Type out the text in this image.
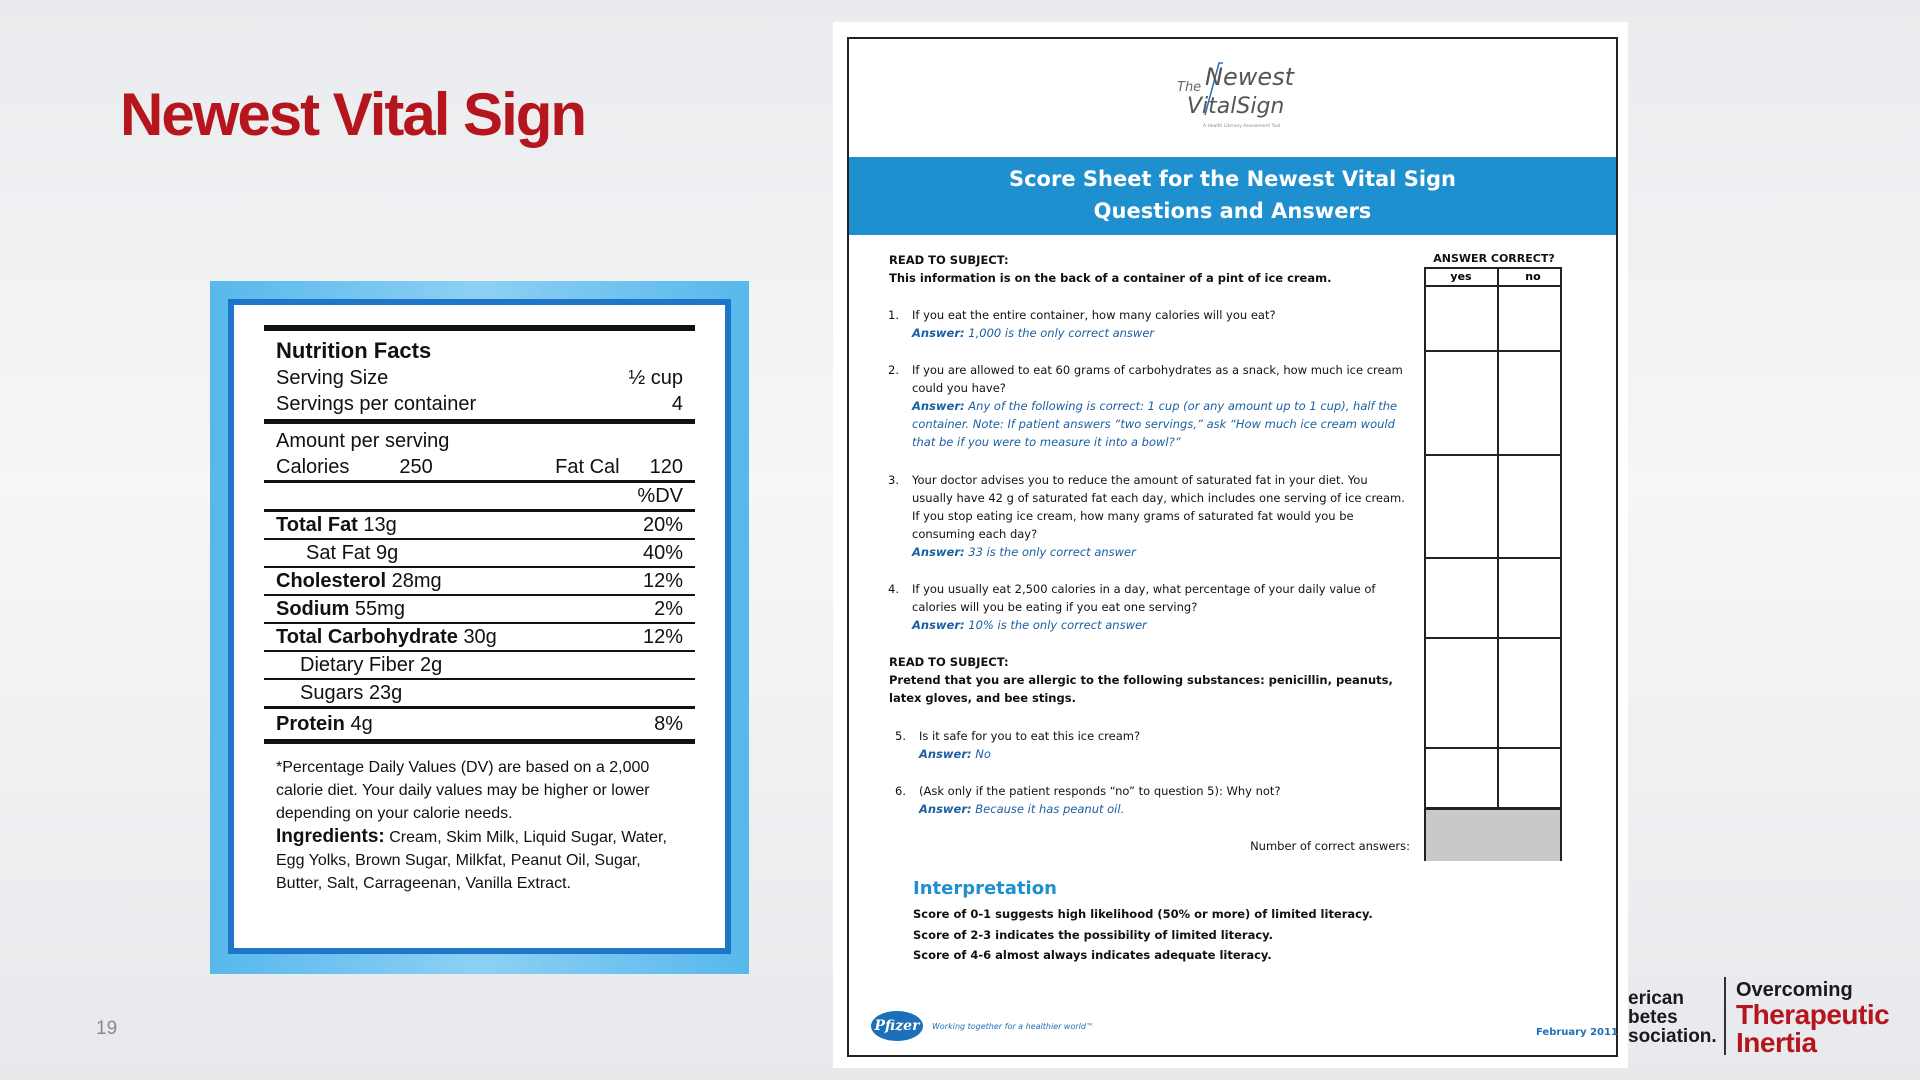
Newest Vital Sign
19
Nutrition Facts
Serving Size	½ cup
Servings per container	4
Amount per serving
Calories	250	Fat Cal 120
%DV
Total Fat 13g	20%
Sat Fat 9g	40%
Cholesterol 28mg	12%
Sodium 55mg	2%
Total Carbohydrate 30g	12%
Dietary Fiber 2g
Sugars 23g
Protein 4g	8%
*Percentage Daily Values (DV) are based on a 2,000 calorie diet. Your daily values may be higher or lower depending on your calorie needs.
Ingredients: Cream, Skim Milk, Liquid Sugar, Water, Egg Yolks, Brown Sugar, Milkfat, Peanut Oil, Sugar, Butter, Salt, Carrageenan, Vanilla Extract.
The Newest
VitalSign
A Health Literacy Assessment Tool
Score Sheet for the Newest Vital Sign
Questions and Answers
READ TO SUBJECT:
This information is on the back of a container of a pint of ice cream.
1.	If you eat the entire container, how many calories will you eat?
Answer: 1,000 is the only correct answer
2.	If you are allowed to eat 60 grams of carbohydrates as a snack, how much ice cream could you have?
Answer: Any of the following is correct: 1 cup (or any amount up to 1 cup), half the container. Note: If patient answers “two servings,” ask “How much ice cream would that be if you were to measure it into a bowl?”
3.	Your doctor advises you to reduce the amount of saturated fat in your diet. You usually have 42 g of saturated fat each day, which includes one serving of ice cream. If you stop eating ice cream, how many grams of saturated fat would you be consuming each day?
Answer: 33 is the only correct answer
4.	If you usually eat 2,500 calories in a day, what percentage of your daily value of calories will you be eating if you eat one serving?
Answer: 10% is the only correct answer
READ TO SUBJECT:
Pretend that you are allergic to the following substances: penicillin, peanuts, latex gloves, and bee stings.
5.	Is it safe for you to eat this ice cream?
Answer: No
6.	(Ask only if the patient responds “no” to question 5): Why not?
Answer: Because it has peanut oil.
Number of correct answers:
ANSWER CORRECT?
yes	no
Interpretation
Score of 0-1 suggests high likelihood (50% or more) of limited literacy.
Score of 2-3 indicates the possibility of limited literacy.
Score of 4-6 almost always indicates adequate literacy.
Pfizer	Working together for a healthier world™
February 2011
erican
betes
sociation.
Overcoming
Therapeutic
Inertia
